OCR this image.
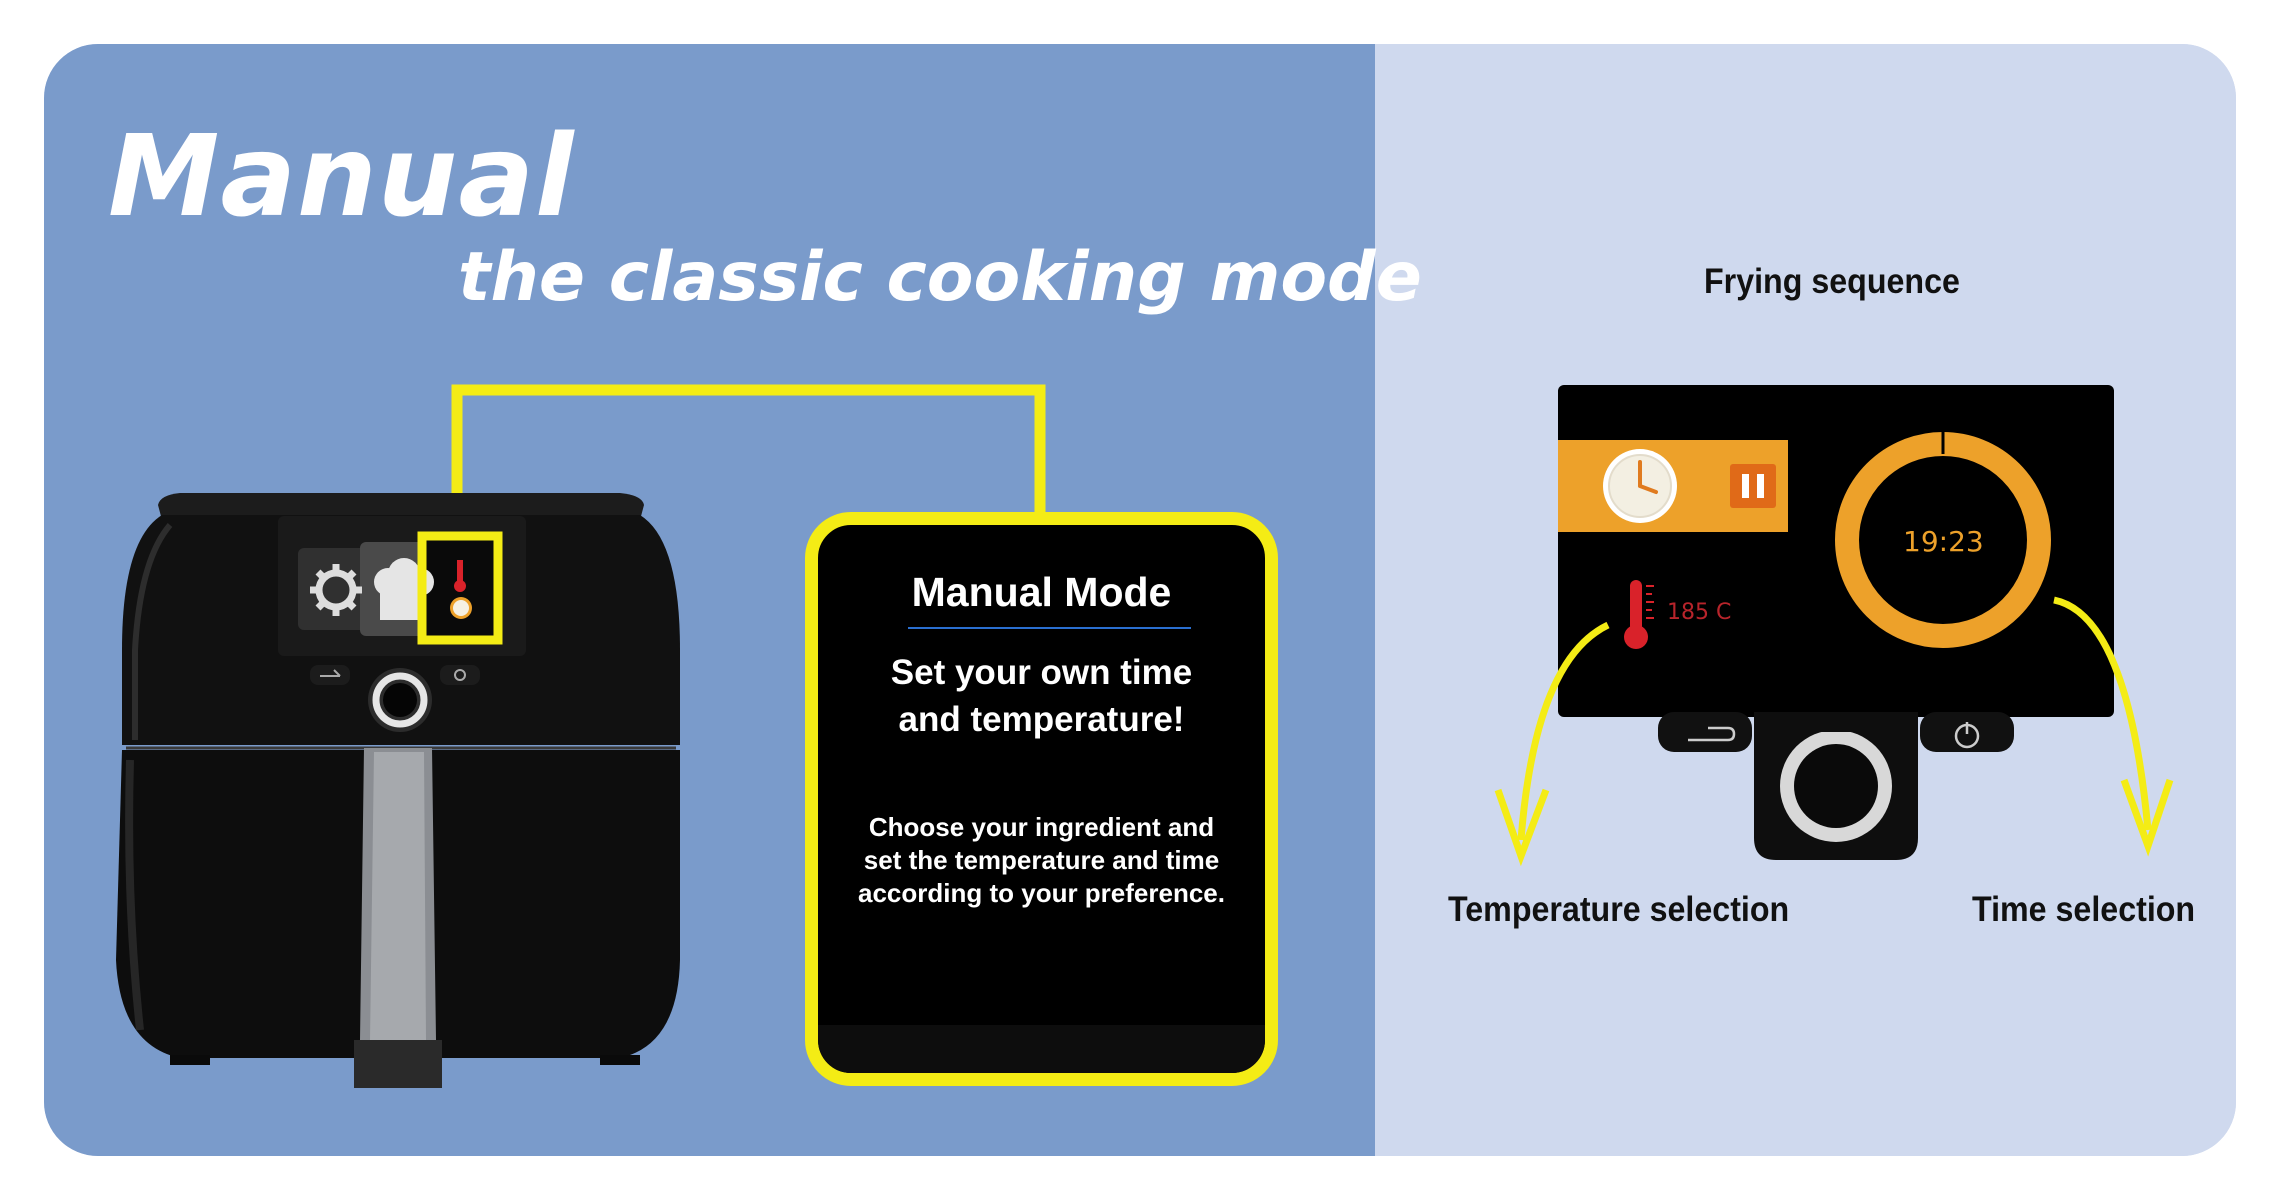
Manual
the classic cooking mode
Manual Mode
Set your own time
and temperature!
Choose your ingredient and
set the temperature and time
according to your preference.
Frying sequence
185 C
19:23
Temperature selection	Time selection
